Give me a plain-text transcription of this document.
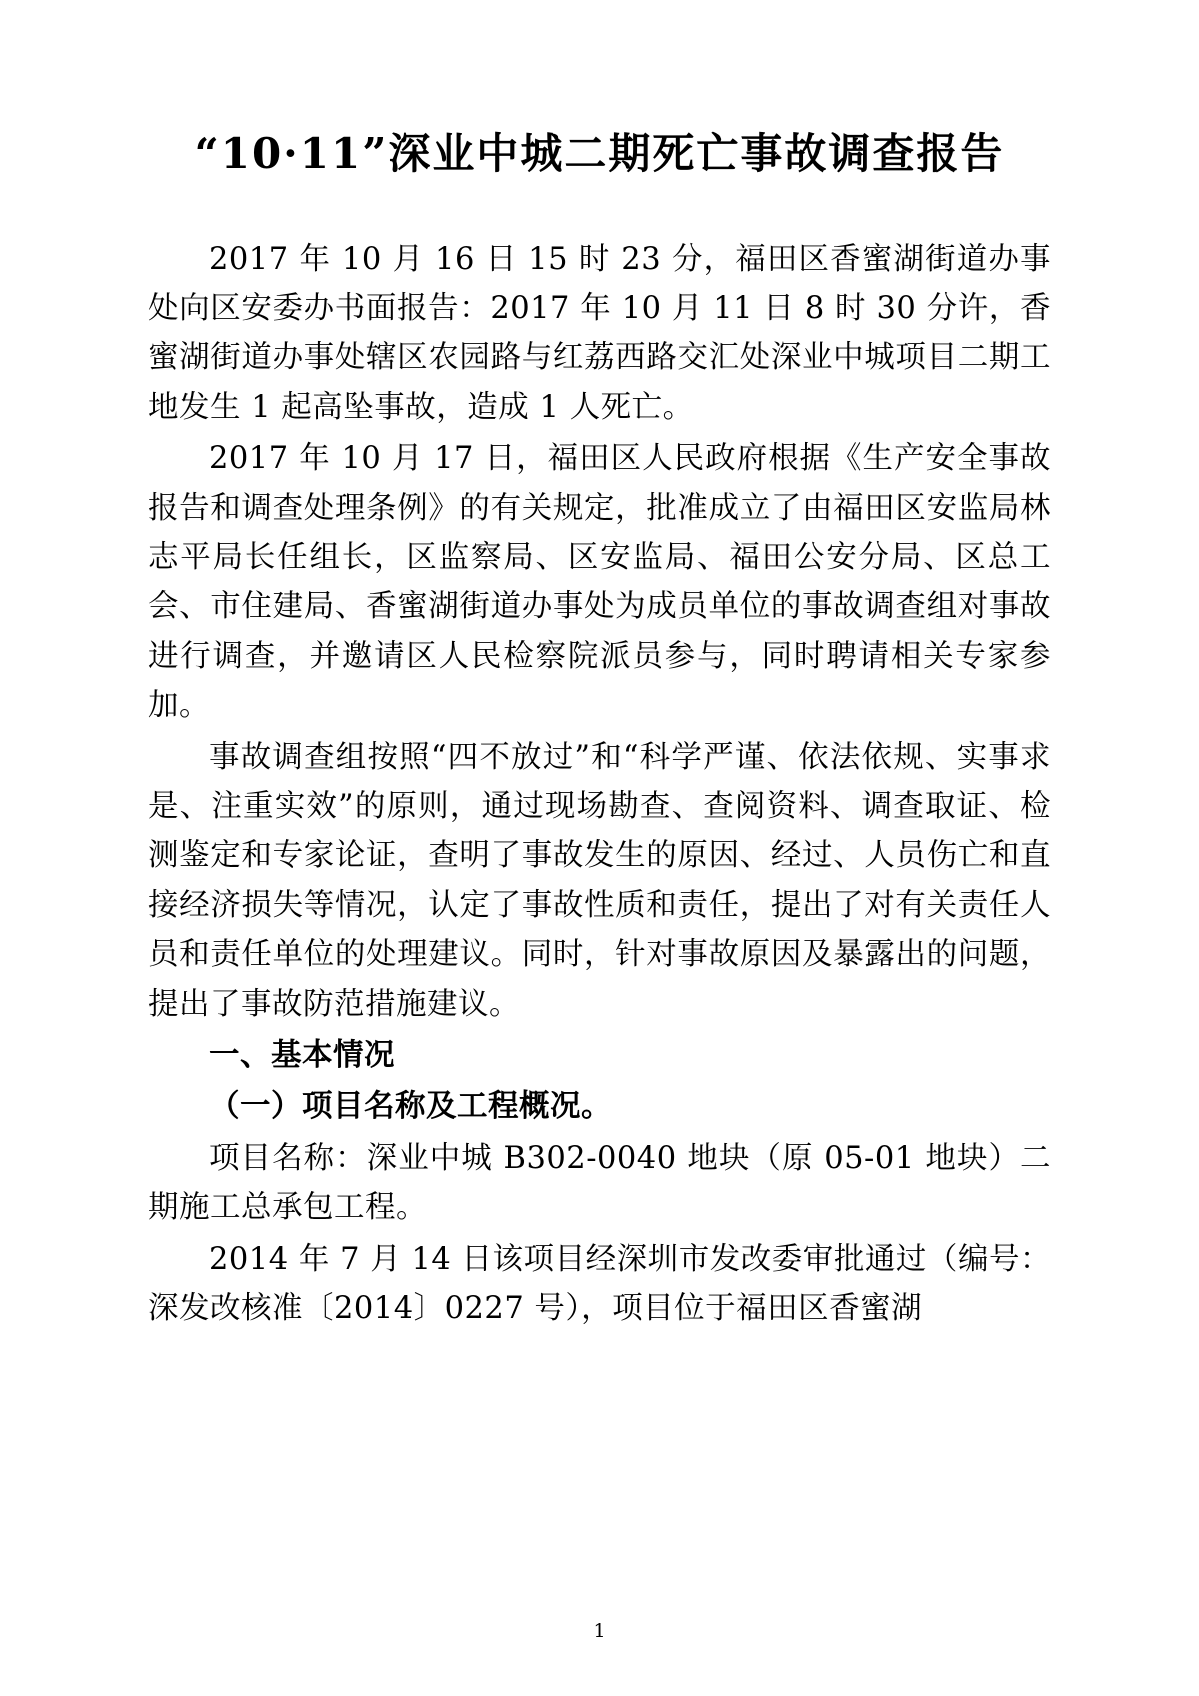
“10·11”深业中城二期死亡事故调查报告
2017 年 10 月 16 日 15 时 23 分，福田区香蜜湖街道办事处向区安委办书面报告：2017 年 10 月 11 日 8 时 30 分许，香蜜湖街道办事处辖区农园路与红荔西路交汇处深业中城项目二期工地发生 1 起高坠事故，造成 1 人死亡。
2017 年 10 月 17 日，福田区人民政府根据《生产安全事故报告和调查处理条例》的有关规定，批准成立了由福田区安监局林志平局长任组长，区监察局、区安监局、福田公安分局、区总工会、市住建局、香蜜湖街道办事处为成员单位的事故调查组对事故进行调查，并邀请区人民检察院派员参与，同时聘请相关专家参加。
事故调查组按照“四不放过”和“科学严谨、依法依规、实事求是、注重实效”的原则，通过现场勘查、查阅资料、调查取证、检测鉴定和专家论证，查明了事故发生的原因、经过、人员伤亡和直接经济损失等情况，认定了事故性质和责任，提出了对有关责任人员和责任单位的处理建议。同时，针对事故原因及暴露出的问题，提出了事故防范措施建议。
一、基本情况
（一）项目名称及工程概况。
项目名称：深业中城 B302-0040 地块（原 05-01 地块）二期施工总承包工程。
2014 年 7 月 14 日该项目经深圳市发改委审批通过（编号：深发改核准〔2014〕0227 号），项目位于福田区香蜜湖
1
